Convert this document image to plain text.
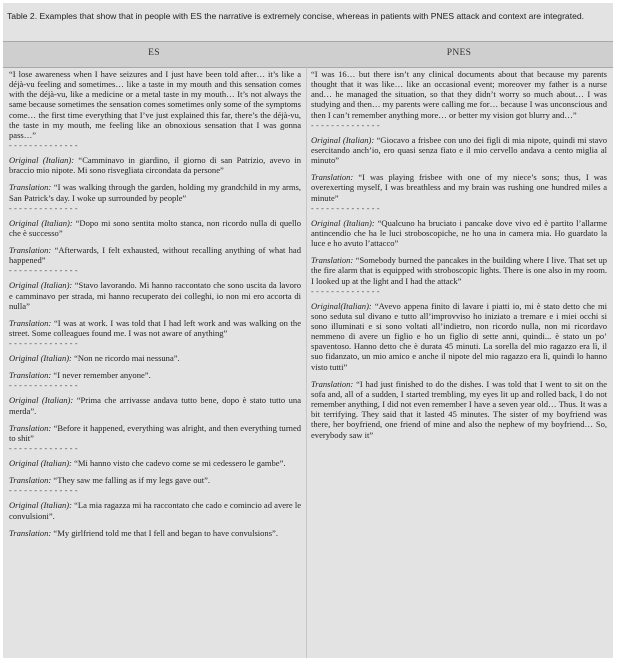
Table 2. Examples that show that in people with ES the narrative is extremely concise, whereas in patients with PNES attack and context are integrated.
ES	PNES

“I lose awareness when I have seizures and I just have been told after… it’s like a déjà-vu feeling and sometimes… like a taste in my mouth and this sensation comes with the déjà-vu, like a medicine or a metal taste in my mouth… It’s not always the same because sometimes the sensation comes sometimes only some of the symptoms come… the first time everything that I’ve just explained this far, there’s the déjà-vu, the taste in my mouth, me feeling like an obnoxious sensation that I was gonna pass…”

- - - - - - - - - - - - - -

Original (Italian): “Camminavo in giardino, il giorno di san Patrizio, avevo in braccio mio nipote. Mi sono risvegliata circondata da persone”

Translation: “I was walking through the garden, holding my grandchild in my arms, San Patrick’s day. I woke up surrounded by people”

- - - - - - - - - - - - - -

Original (Italian): “Dopo mi sono sentita molto stanca, non ricordo nulla di quello che è successo”

Translation: “Afterwards, I felt exhausted, without recalling anything of what had happened”

- - - - - - - - - - - - - -

Original (Italian): “Stavo lavorando. Mi hanno raccontato che sono uscita da lavoro e camminavo per strada, mi hanno recuperato dei colleghi, io non mi ero accorta di nulla”

Translation: “I was at work. I was told that I had left work and was walking on the street. Some colleagues found me. I was not aware of anything”

- - - - - - - - - - - - - -

Original (Italian): “Non ne ricordo mai nessuna”.

Translation: “I never remember anyone”.

- - - - - - - - - - - - - -

Original (Italian): “Prima che arrivasse andava tutto bene, dopo è stato tutto una merda”.

Translation: “Before it happened, everything was alright, and then everything turned to shit”

- - - - - - - - - - - - - -

Original (Italian): “Mi hanno visto che cadevo come se mi cedessero le gambe”.

Translation: “They saw me falling as if my legs gave out”.

- - - - - - - - - - - - - -

Original (Italian): “La mia ragazza mi ha raccontato che cado e comincio ad avere le convulsioni”.

Translation: “My girlfriend told me that I fell and began to have convulsions”.

“I was 16… but there isn’t any clinical documents about that because my parents thought that it was like… like an occasional event; moreover my father is a nurse and… he managed the situation, so that they didn’t worry so much about… I was studying and then… my parents were calling me for… because I was unconscious and then I can’t remember anything more… or better my vision got blurry and…”

- - - - - - - - - - - - - -

Original (Italian): “Giocavo a frisbee con uno dei figli di mia nipote, quindi mi stavo esercitando anch’io, ero quasi senza fiato e il mio cervello andava a cento miglia al minuto”

Translation: “I was playing frisbee with one of my niece’s sons; thus, I was overexerting myself, I was breathless and my brain was rushing one hundred miles a minute”

- - - - - - - - - - - - - -

Original (Italian): “Qualcuno ha bruciato i pancake dove vivo ed è partito l’allarme antincendio che ha le luci stroboscopiche, ne ho una in camera mia. Ho guardato la luce e ho avuto l’attacco”

Translation: “Somebody burned the pancakes in the building where I live. That set up the fire alarm that is equipped with stroboscopic lights. There is one also in my room. I looked up at the light and I had the attack”

- - - - - - - - - - - - - -

Original(Italian): “Avevo appena finito di lavare i piatti io, mi è stato detto che mi sono seduta sul divano e tutto all’improvviso ho iniziato a tremare e i miei occhi si sono illuminati e si sono voltati all’indietro, non ricordo nulla, non mi ricordavo nemmeno di avere un figlio e ho un figlio di sette anni, quindi... è stato un po’ spaventoso. Hanno detto che è durata 45 minuti. La sorella del mio ragazzo era lì, il suo fidanzato, un mio amico e anche il nipote del mio ragazzo era lì, quindi lo hanno visto tutti”

Translation: “I had just finished to do the dishes. I was told that I went to sit on the sofa and, all of a sudden, I started trembling, my eyes lit up and rolled back, I do not remember anything, I did not even remember I have a seven year old… Thus. It was a bit terrifying. They said that it lasted 45 minutes. The sister of my boyfriend was there, her boyfriend, one friend of mine and also the nephew of my boyfriend… So, everybody saw it”
